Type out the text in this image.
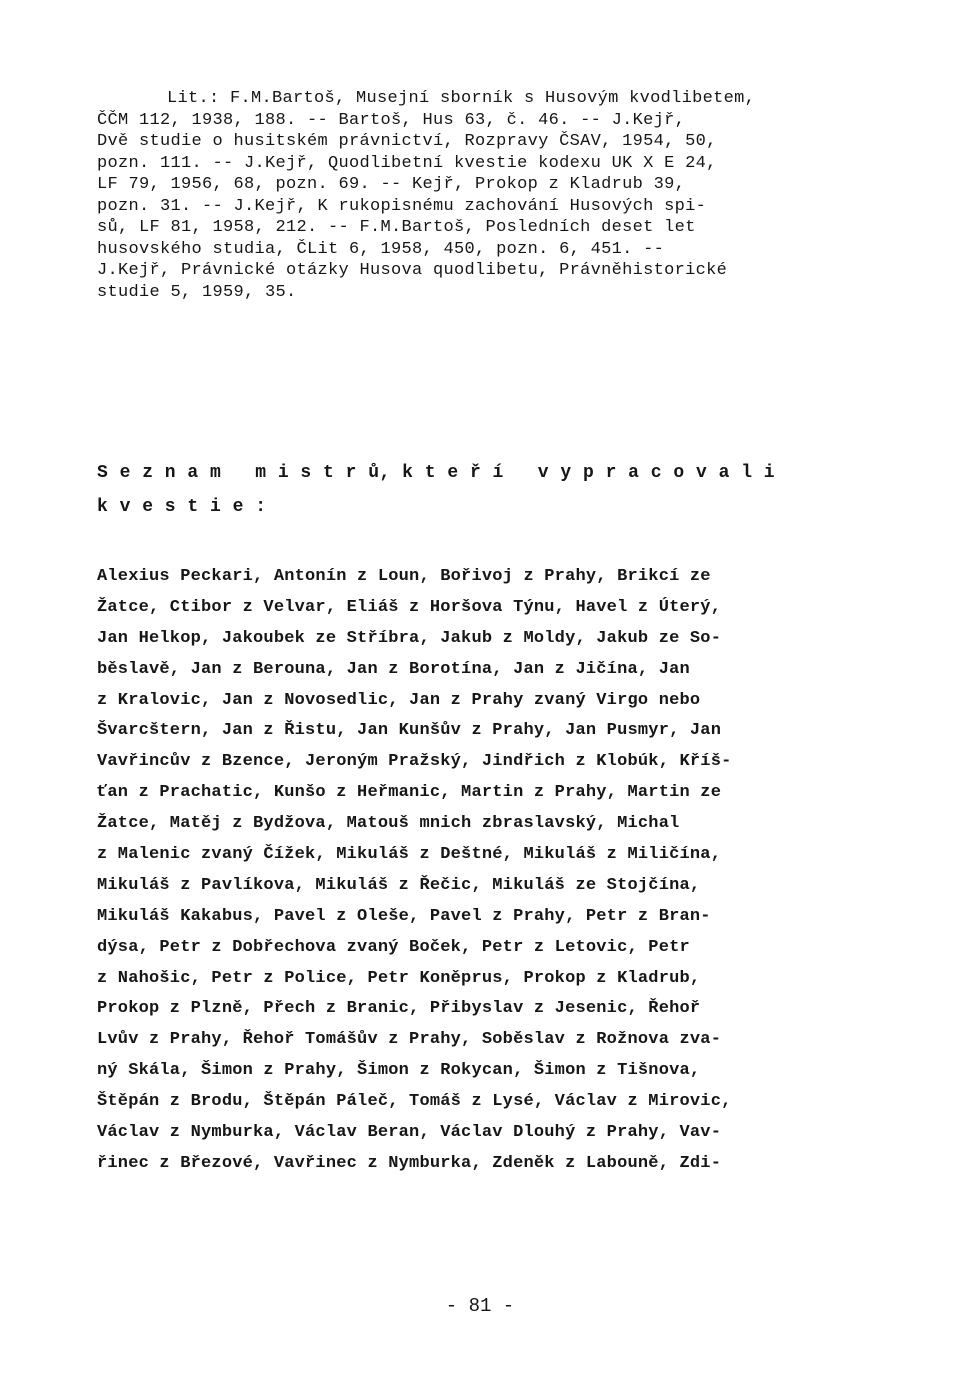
Lit.: F.M.Bartoš, Musejní sborník s Husovým kvodlibetem,
ČČM 112, 1938, 188. -- Bartoš, Hus 63, č. 46. -- J.Kejř,
Dvě studie o husitském právnictví, Rozpravy ČSAV, 1954, 50,
pozn. 111. -- J.Kejř, Quodlibetní kvestie kodexu UK X E 24,
LF 79, 1956, 68, pozn. 69. -- Kejř, Prokop z Kladrub 39,
pozn. 31. -- J.Kejř, K rukopisnému zachování Husových spi-
sů, LF 81, 1958, 212. -- F.M.Bartoš, Posledních deset let
husovského studia, ČLit 6, 1958, 450, pozn. 6, 451. --
J.Kejř, Právnické otázky Husova quodlibetu, Právněhistorické
studie 5, 1959, 35.
S e z n a m   m i s t r ů, k t e ř í   v y p r a c o v a l i
k v e s t i e :
Alexius Peckari, Antonín z Loun, Bořivoj z Prahy, Brikcí ze
Žatce, Ctibor z Velvar, Eliáš z Horšova Týnu, Havel z Úterý,
Jan Helkop, Jakoubek ze Stříbra, Jakub z Moldy, Jakub ze So-
běslavě, Jan z Berouna, Jan z Borotína, Jan z Jičína, Jan
z Kralovic, Jan z Novosedlic, Jan z Prahy zvaný Virgo nebo
Švarcštern, Jan z Řistu, Jan Kunšův z Prahy, Jan Pusmyr, Jan
Vavřincův z Bzence, Jeroným Pražský, Jindřich z Klobúk, Kříš-
ťan z Prachatic, Kunšo z Heřmanic, Martin z Prahy, Martin ze
Žatce, Matěj z Bydžova, Matouš mnich zbraslavský, Michal
z Malenic zvaný Čížek, Mikuláš z Deštné, Mikuláš z Miličína,
Mikuláš z Pavlíkova, Mikuláš z Řečic, Mikuláš ze Stojčína,
Mikuláš Kakabus, Pavel z Oleše, Pavel z Prahy, Petr z Bran-
dýsa, Petr z Dobřechova zvaný Boček, Petr z Letovic, Petr
z Nahošic, Petr z Police, Petr Koněprus, Prokop z Kladrub,
Prokop z Plzně, Přech z Branic, Přibyslav z Jesenic, Řehoř
Lvův z Prahy, Řehoř Tomášův z Prahy, Soběslav z Rožnova zva-
ný Skála, Šimon z Prahy, Šimon z Rokycan, Šimon z Tišnova,
Štěpán z Brodu, Štěpán Páleč, Tomáš z Lysé, Václav z Mirovic,
Václav z Nymburka, Václav Beran, Václav Dlouhý z Prahy, Vav-
řinec z Březové, Vavřinec z Nymburka, Zdeněk z Labouně, Zdi-
- 81 -
